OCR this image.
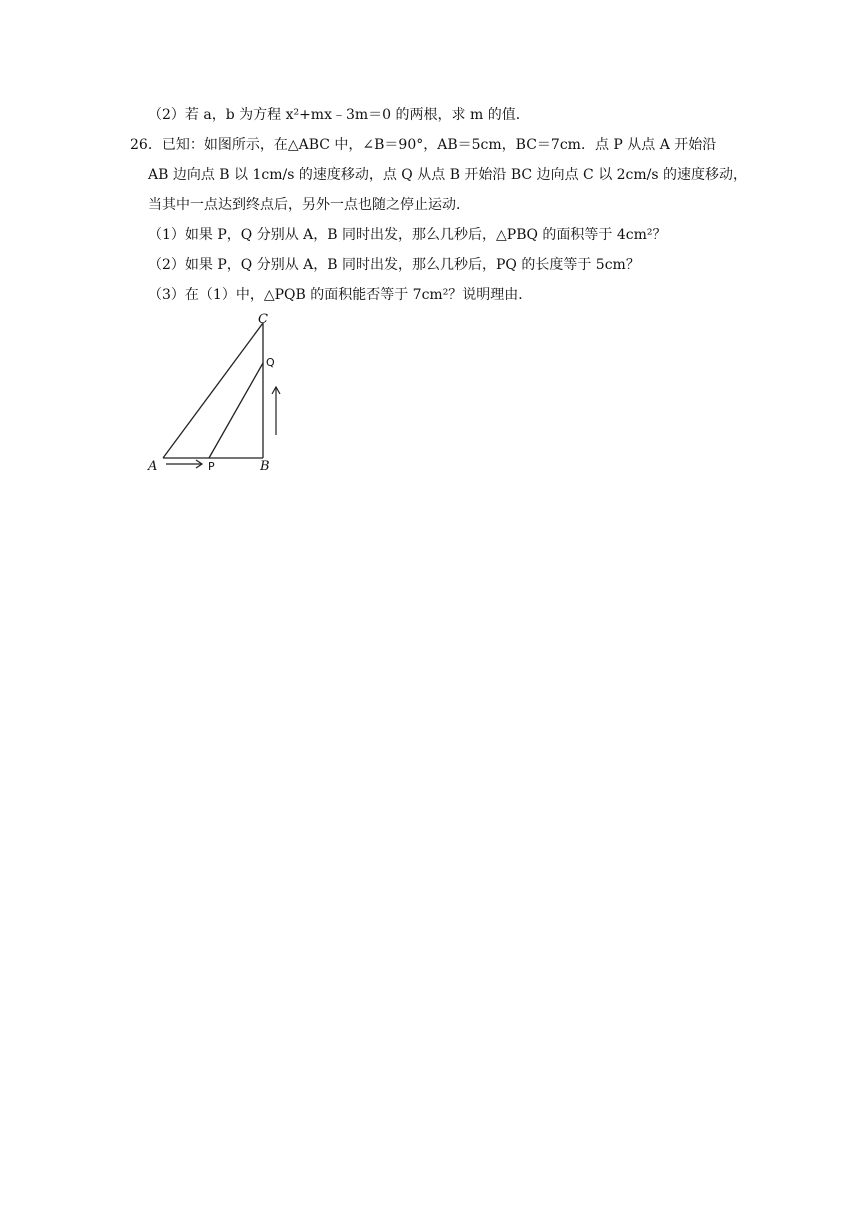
（2）若 a，b 为方程 x²+mx﹣3m＝0 的两根，求 m 的值．
26．已知：如图所示，在△ABC 中，∠B＝90°，AB＝5cm，BC＝7cm．点 P 从点 A 开始沿
AB 边向点 B 以 1cm/s 的速度移动，点 Q 从点 B 开始沿 BC 边向点 C 以 2cm/s 的速度移动，
当其中一点达到终点后，另外一点也随之停止运动．
（1）如果 P，Q 分别从 A，B 同时出发，那么几秒后，△PBQ 的面积等于 4cm²？
（2）如果 P，Q 分别从 A，B 同时出发，那么几秒后，PQ 的长度等于 5cm？
（3）在（1）中，△PQB 的面积能否等于 7cm²？说明理由．
C
Q
A	P	B
